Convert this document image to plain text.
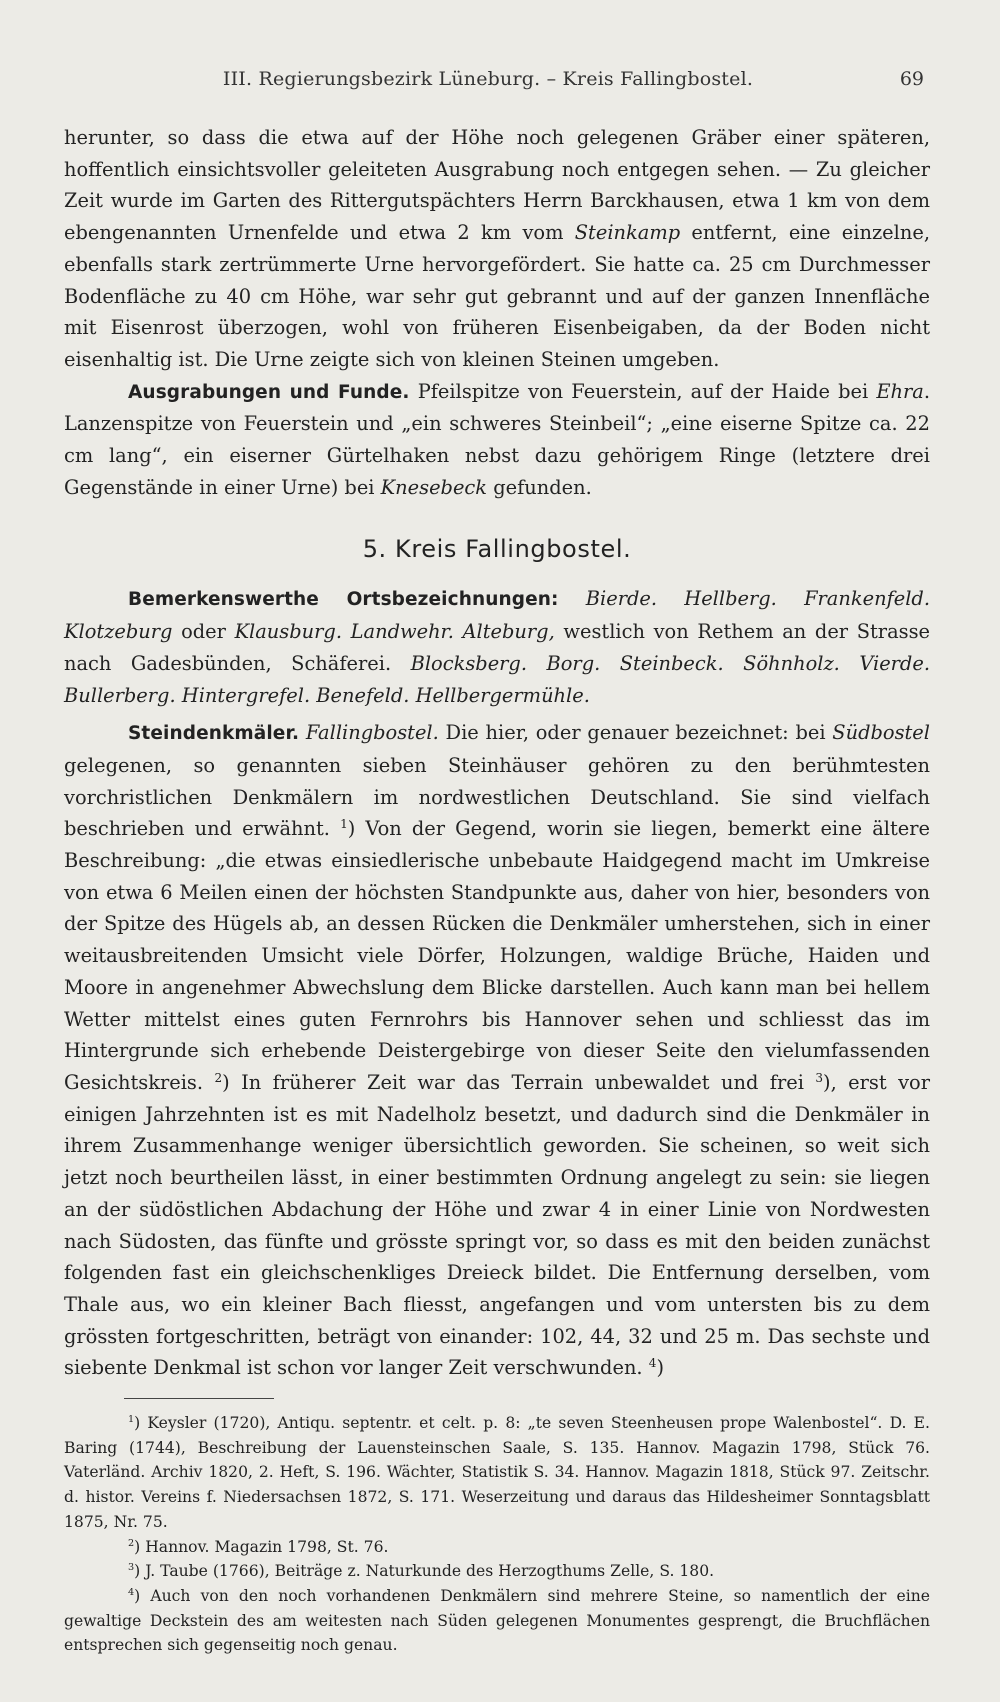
III. Regierungsbezirk Lüneburg. – Kreis Fallingbostel.	69

herunter, so dass die etwa auf der Höhe noch gelegenen Gräber einer späteren, hoffentlich einsichtsvoller geleiteten Ausgrabung noch entgegen sehen. — Zu gleicher Zeit wurde im Garten des Rittergutspächters Herrn Barckhausen, etwa 1 km von dem ebengenannten Urnenfelde und etwa 2 km vom Steinkamp entfernt, eine einzelne, ebenfalls stark zertrümmerte Urne hervorgefördert. Sie hatte ca. 25 cm Durchmesser Bodenfläche zu 40 cm Höhe, war sehr gut gebrannt und auf der ganzen Innenfläche mit Eisenrost überzogen, wohl von früheren Eisenbeigaben, da der Boden nicht eisenhaltig ist. Die Urne zeigte sich von kleinen Steinen umgeben.

Ausgrabungen und Funde. Pfeilspitze von Feuerstein, auf der Haide bei Ehra. Lanzenspitze von Feuerstein und „ein schweres Steinbeil“; „eine eiserne Spitze ca. 22 cm lang“, ein eiserner Gürtelhaken nebst dazu gehörigem Ringe (letztere drei Gegenstände in einer Urne) bei Knesebeck gefunden.

5. Kreis Fallingbostel.

Bemerkenswerthe Ortsbezeichnungen: Bierde. Hellberg. Frankenfeld. Klotzeburg oder Klausburg. Landwehr. Alteburg, westlich von Rethem an der Strasse nach Gadesbünden, Schäferei. Blocksberg. Borg. Steinbeck. Söhnholz. Vierde. Bullerberg. Hintergrefel. Benefeld. Hellbergermühle.

Steindenkmäler. Fallingbostel. Die hier, oder genauer bezeichnet: bei Südbostel gelegenen, so genannten sieben Steinhäuser gehören zu den berühmtesten vorchristlichen Denkmälern im nordwestlichen Deutschland. Sie sind vielfach beschrieben und erwähnt. $^1$) Von der Gegend, worin sie liegen, bemerkt eine ältere Beschreibung: „die etwas einsiedlerische unbebaute Haidgegend macht im Umkreise von etwa 6 Meilen einen der höchsten Standpunkte aus, daher von hier, besonders von der Spitze des Hügels ab, an dessen Rücken die Denkmäler umherstehen, sich in einer weitausbreitenden Umsicht viele Dörfer, Holzungen, waldige Brüche, Haiden und Moore in angenehmer Abwechslung dem Blicke darstellen. Auch kann man bei hellem Wetter mittelst eines guten Fernrohrs bis Hannover sehen und schliesst das im Hintergrunde sich erhebende Deistergebirge von dieser Seite den vielumfassenden Gesichtskreis. $^2$) In früherer Zeit war das Terrain unbewaldet und frei $^3$), erst vor einigen Jahrzehnten ist es mit Nadelholz besetzt, und dadurch sind die Denkmäler in ihrem Zusammenhange weniger übersichtlich geworden. Sie scheinen, so weit sich jetzt noch beurtheilen lässt, in einer bestimmten Ordnung angelegt zu sein: sie liegen an der südöstlichen Abdachung der Höhe und zwar 4 in einer Linie von Nordwesten nach Südosten, das fünfte und grösste springt vor, so dass es mit den beiden zunächst folgenden fast ein gleichschenkliges Dreieck bildet. Die Entfernung derselben, vom Thale aus, wo ein kleiner Bach fliesst, angefangen und vom untersten bis zu dem grössten fortgeschritten, beträgt von einander: 102, 44, 32 und 25 m. Das sechste und siebente Denkmal ist schon vor langer Zeit verschwunden. $^4$)

$^1$) Keysler (1720), Antiqu. septentr. et celt. p. 8: „te seven Steenheusen prope Walenbostel“. D. E. Baring (1744), Beschreibung der Lauensteinschen Saale, S. 135. Hannov. Magazin 1798, Stück 76. Vaterländ. Archiv 1820, 2. Heft, S. 196. Wächter, Statistik S. 34. Hannov. Magazin 1818, Stück 97. Zeitschr. d. histor. Vereins f. Niedersachsen 1872, S. 171. Weserzeitung und daraus das Hildesheimer Sonntagsblatt 1875, Nr. 75.

$^2$) Hannov. Magazin 1798, St. 76.

$^3$) J. Taube (1766), Beiträge z. Naturkunde des Herzogthums Zelle, S. 180.

$^4$) Auch von den noch vorhandenen Denkmälern sind mehrere Steine, so namentlich der eine gewaltige Deckstein des am weitesten nach Süden gelegenen Monumentes gesprengt, die Bruchflächen entsprechen sich gegenseitig noch genau.
